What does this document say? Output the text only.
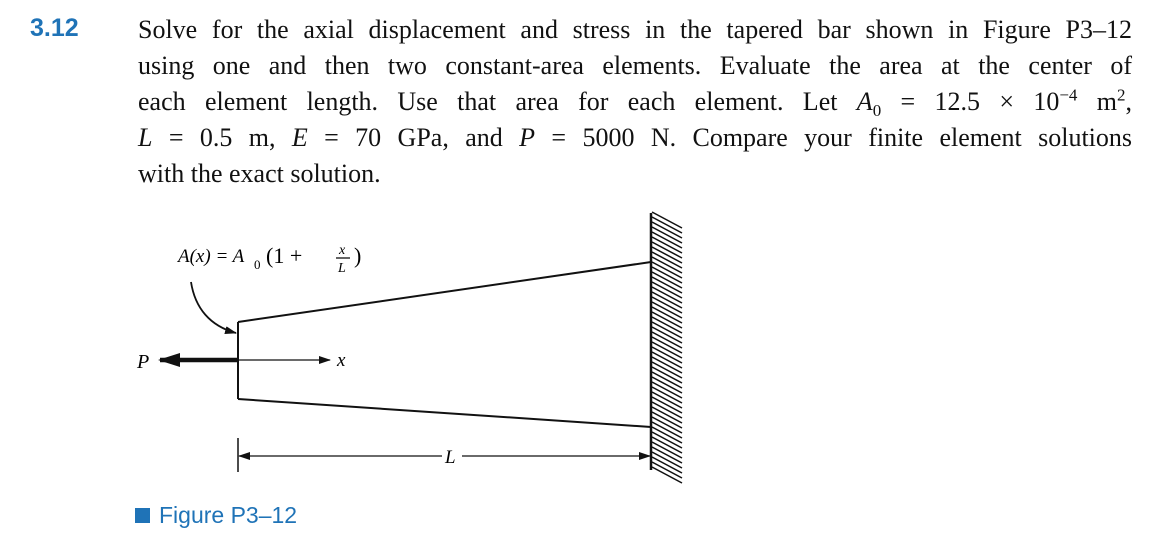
3.12 Solve for the axial displacement and stress in the tapered bar shown in Figure P3–12
using one and then two constant-area elements. Evaluate the area at the center of
each element length. Use that area for each element. Let $A_0 = 12.5 \times 10^{-4}$ $m^2$,
L = 0.5 m, E = 70 GPa, and P = 5000 N. Compare your finite element solutions
with the exact solution.
A(x) = A 0 (1 +	x
L
)
P	x
L
Figure P3–12
